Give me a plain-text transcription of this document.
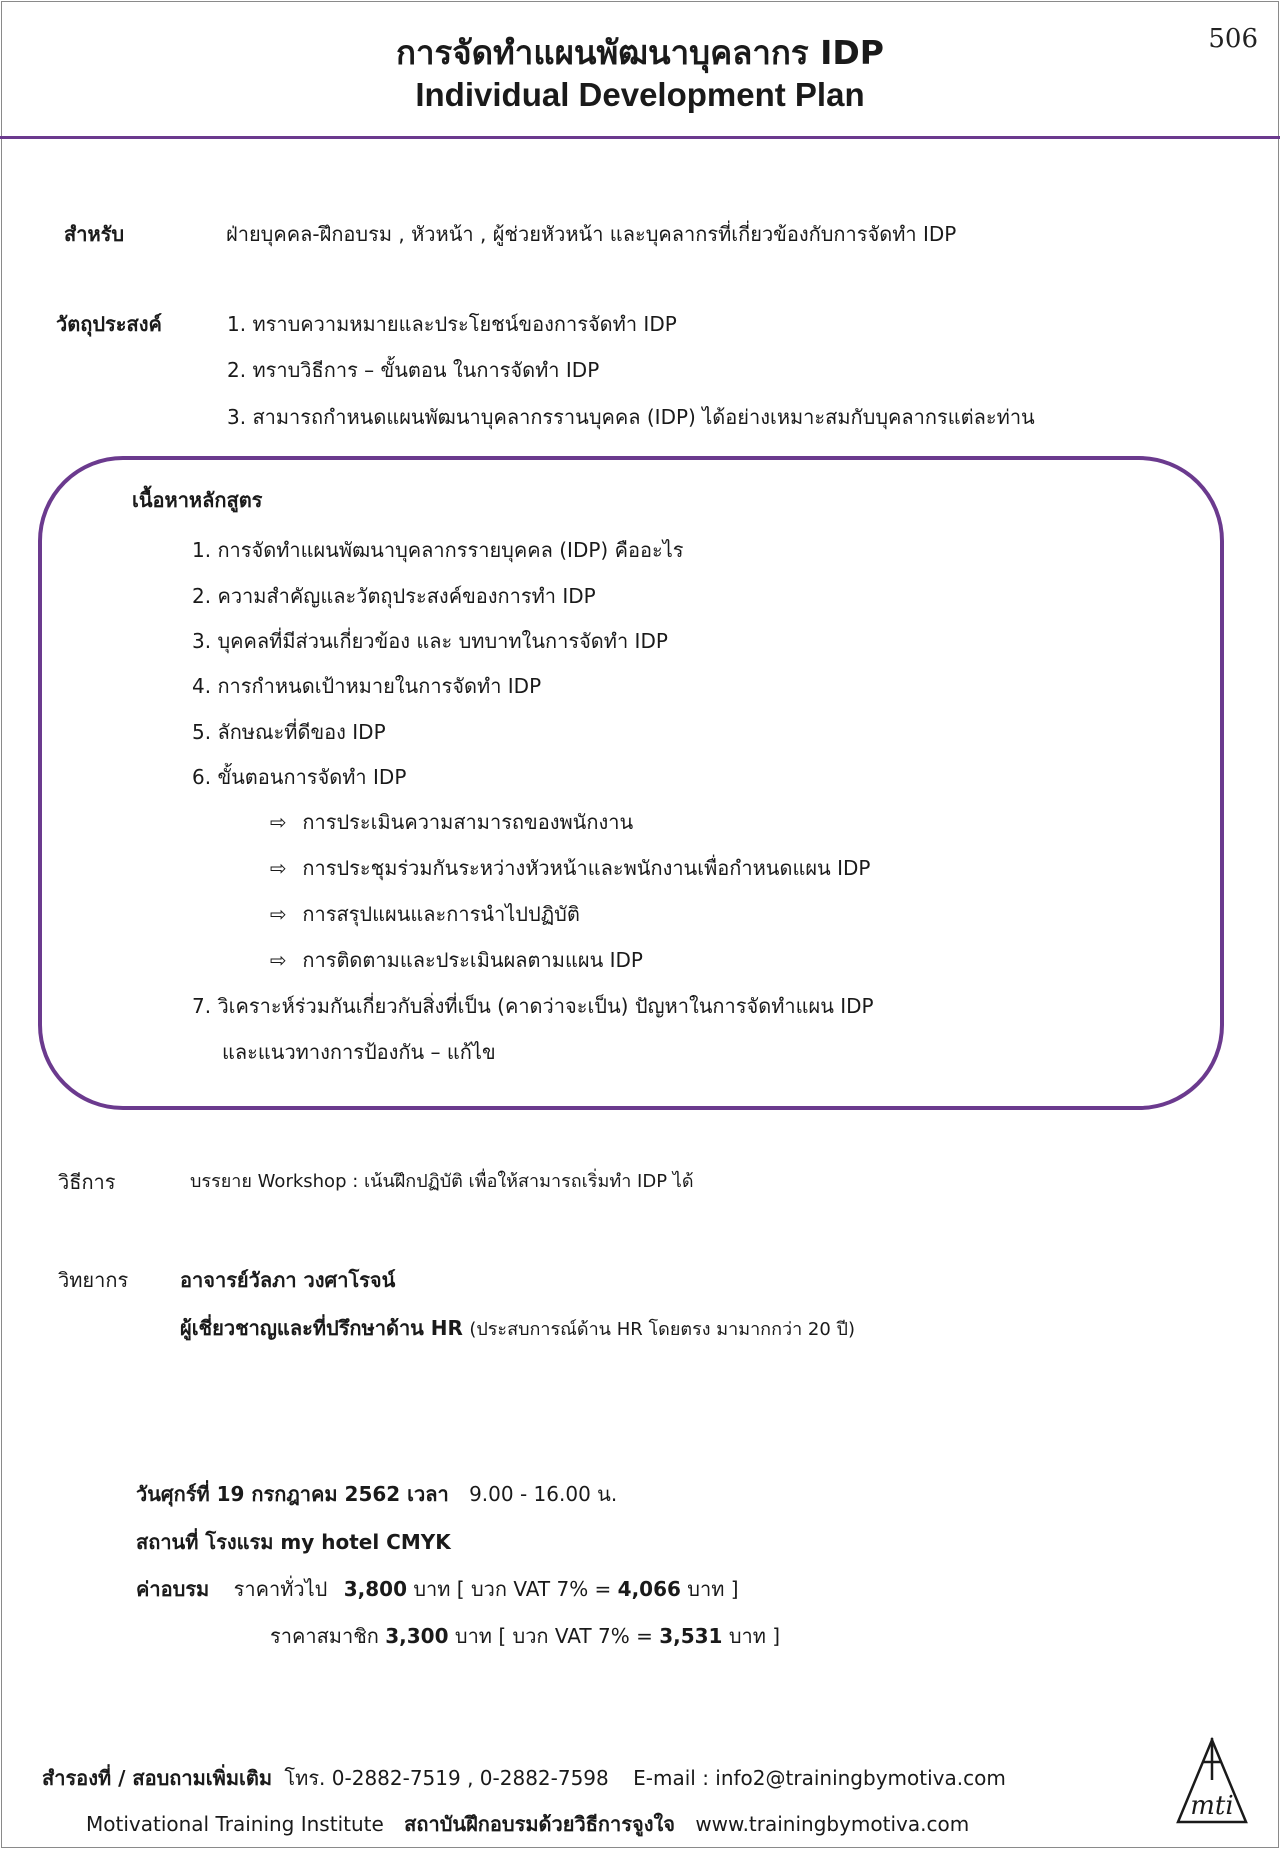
506
การจัดทำแผนพัฒนาบุคลากร IDP
Individual Development Plan
สำหรับ	ฝ่ายบุคคล-ฝึกอบรม , หัวหน้า , ผู้ช่วยหัวหน้า และบุคลากรที่เกี่ยวข้องกับการจัดทำ IDP
วัตถุประสงค์	1. ทราบความหมายและประโยชน์ของการจัดทำ IDP
2. ทราบวิธีการ – ขั้นตอน ในการจัดทำ IDP
3. สามารถกำหนดแผนพัฒนาบุคลากรรานบุคคล (IDP) ได้อย่างเหมาะสมกับบุคลากรแต่ละท่าน
เนื้อหาหลักสูตร
1. การจัดทำแผนพัฒนาบุคลากรรายบุคคล (IDP) คืออะไร
2. ความสำคัญและวัตถุประสงค์ของการทำ IDP
3. บุคคลที่มีส่วนเกี่ยวข้อง และ บทบาทในการจัดทำ IDP
4. การกำหนดเป้าหมายในการจัดทำ IDP
5. ลักษณะที่ดีของ IDP
6. ขั้นตอนการจัดทำ IDP
⇨ การประเมินความสามารถของพนักงาน
⇨ การประชุมร่วมกันระหว่างหัวหน้าและพนักงานเพื่อกำหนดแผน IDP
⇨ การสรุปแผนและการนำไปปฏิบัติ
⇨ การติดตามและประเมินผลตามแผน IDP
7. วิเคราะห์ร่วมกันเกี่ยวกับสิ่งที่เป็น (คาดว่าจะเป็น) ปัญหาในการจัดทำแผน IDP
และแนวทางการป้องกัน – แก้ไข
วิธีการ	บรรยาย Workshop : เน้นฝึกปฏิบัติ เพื่อให้สามารถเริ่มทำ IDP ได้
วิทยากร	อาจารย์วัลภา วงศาโรจน์
ผู้เชี่ยวชาญและที่ปรึกษาด้าน HR (ประสบการณ์ด้าน HR โดยตรง มามากกว่า 20 ปี)
วันศุกร์ที่ 19 กรกฎาคม 2562 เวลา 9.00 - 16.00 น.
สถานที่ โรงแรม my hotel CMYK
ค่าอบรม ราคาทั่วไป 3,800 บาท [ บวก VAT 7% = 4,066 บาท ]
ราคาสมาชิก 3,300 บาท [ บวก VAT 7% = 3,531 บาท ]
สำรองที่ / สอบถามเพิ่มเติม โทร. 0-2882-7519 , 0-2882-7598 E-mail : info2@trainingbymotiva.com
Motivational Training Institute สถาบันฝึกอบรมด้วยวิธีการจูงใจ www.trainingbymotiva.com
mti
